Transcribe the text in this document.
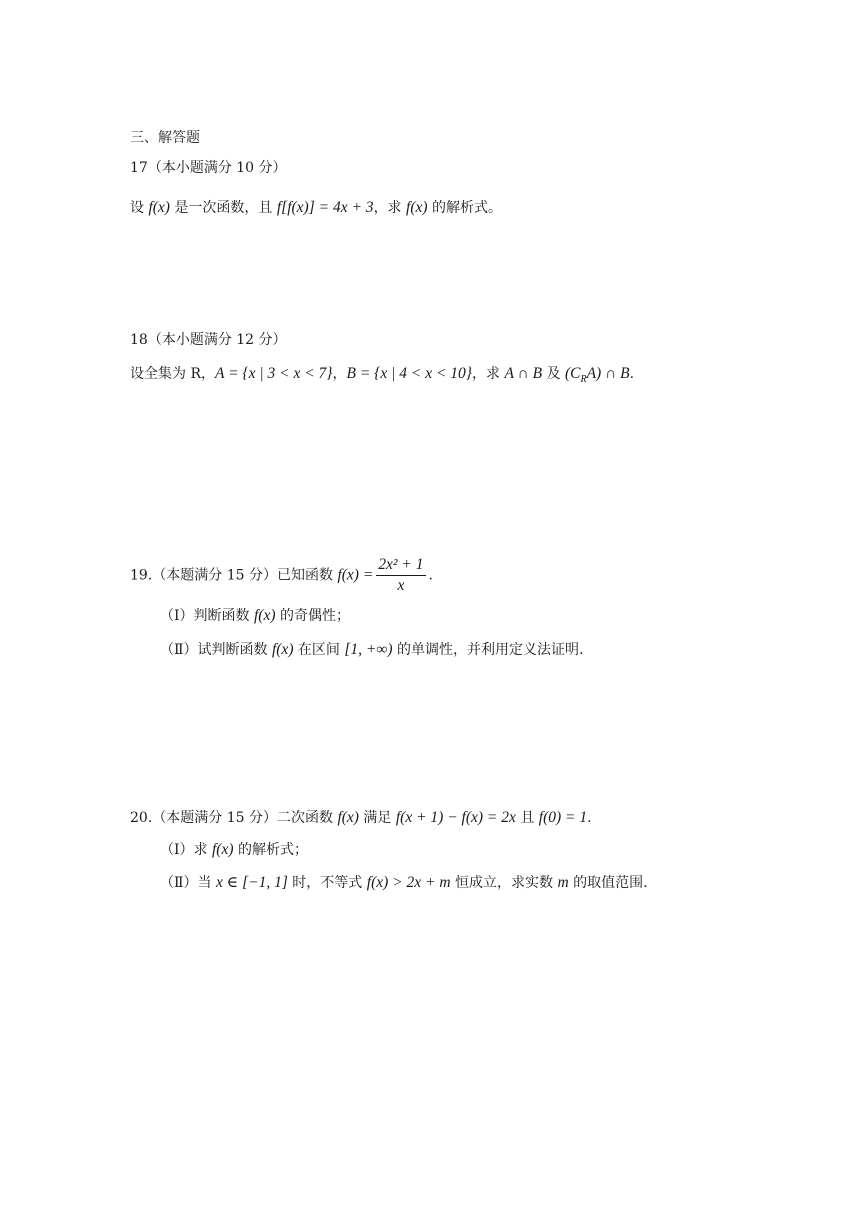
三、解答题
17（本小题满分 10 分）
设 f(x) 是一次函数，且 f[f(x)] = 4x + 3，求 f(x) 的解析式。
18（本小题满分 12 分）
设全集为 R，A = {x | 3 < x < 7}，B = {x | 4 < x < 10}，求 A ∩ B 及 $(C_RA)$ ∩ B.
19.（本题满分 15 分）已知函数 $f(x) = \frac{\text{2x² + 1}}{x}$ .
（Ⅰ）判断函数 f(x) 的奇偶性；
（Ⅱ）试判断函数 f(x) 在区间 [1, +∞) 的单调性，并利用定义法证明.
20.（本题满分 15 分）二次函数 f(x) 满足 f(x + 1) − f(x) = 2x 且 f(0) = 1.
（Ⅰ）求 f(x) 的解析式；
（Ⅱ）当 x ∈ [−1, 1] 时，不等式 f(x) > 2x + m 恒成立，求实数 m 的取值范围.
